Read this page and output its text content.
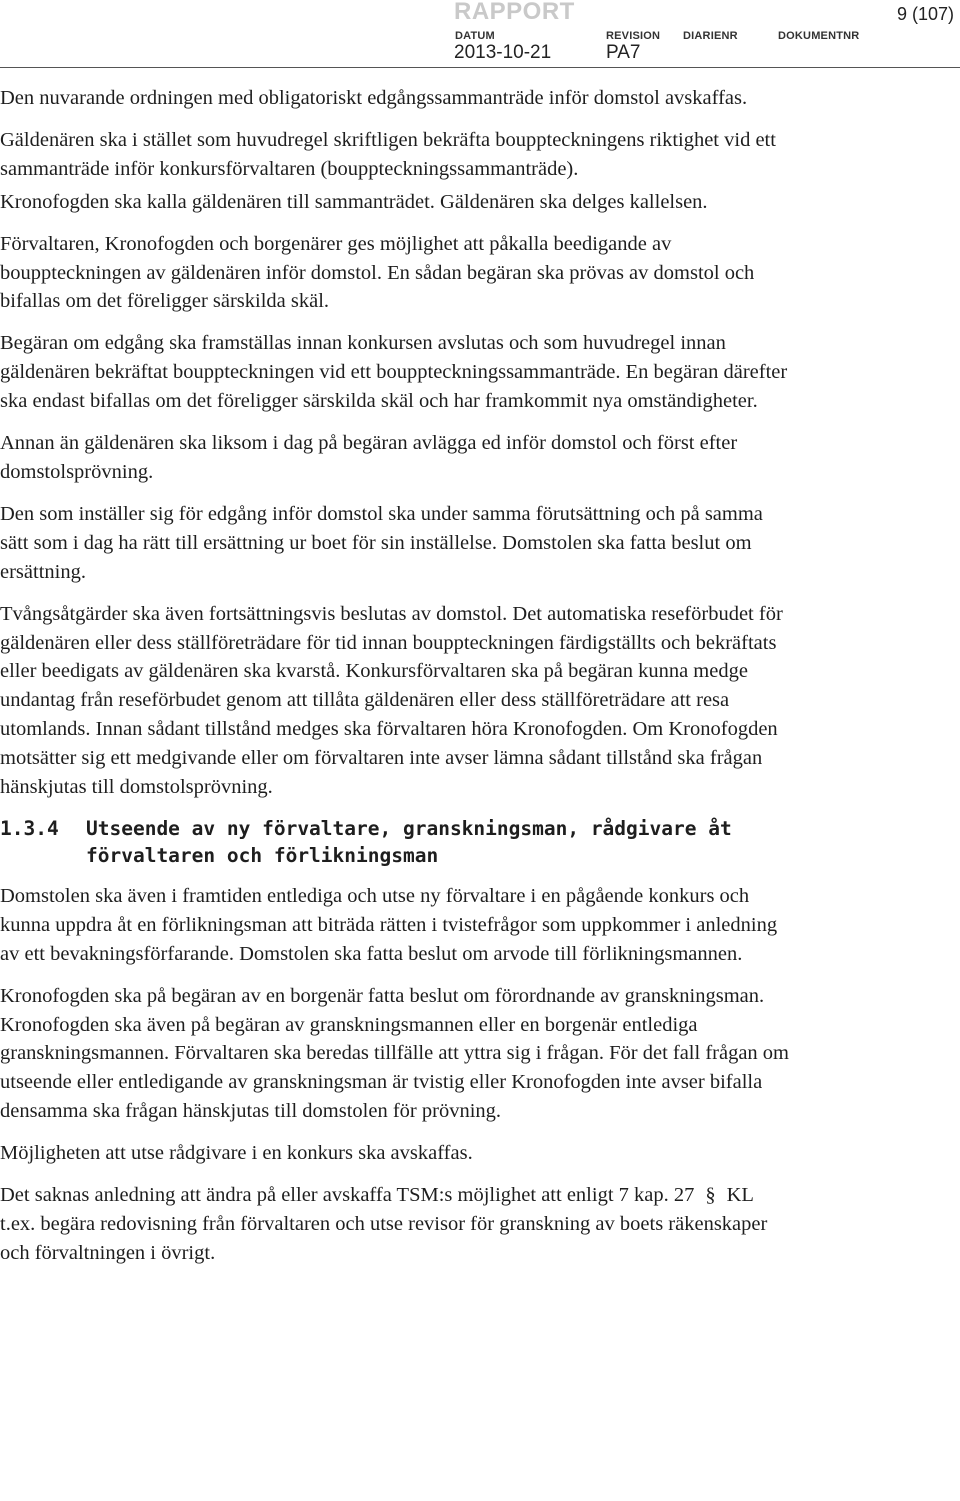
RAPPORT	9 (107)
DATUM
2013-10-21
REVISION
PA7
DIARIENR	DOKUMENTNR

Den nuvarande ordningen med obligatoriskt edgångssammanträde inför domstol avskaffas.

Gäldenären ska i stället som huvudregel skriftligen bekräfta bouppteckningens riktighet vid ett sammanträde inför konkursförvaltaren (bouppteckningssammanträde).

Kronofogden ska kalla gäldenären till sammanträdet. Gäldenären ska delges kallelsen.

Förvaltaren, Kronofogden och borgenärer ges möjlighet att påkalla beedigande av bouppteckningen av gäldenären inför domstol. En sådan begäran ska prövas av domstol och bifallas om det föreligger särskilda skäl.

Begäran om edgång ska framställas innan konkursen avslutas och som huvudregel innan gäldenären bekräftat bouppteckningen vid ett bouppteckningssammanträde. En begäran därefter ska endast bifallas om det föreligger särskilda skäl och har framkommit nya omständigheter.

Annan än gäldenären ska liksom i dag på begäran avlägga ed inför domstol och först efter domstolsprövning.

Den som inställer sig för edgång inför domstol ska under samma förutsättning och på samma sätt som i dag ha rätt till ersättning ur boet för sin inställelse. Domstolen ska fatta beslut om ersättning.

Tvångsåtgärder ska även fortsättningsvis beslutas av domstol. Det automatiska reseförbudet för gäldenären eller dess ställföreträdare för tid innan bouppteckningen färdigställts och bekräftats eller beedigats av gäldenären ska kvarstå. Konkursförvaltaren ska på begäran kunna medge undantag från reseförbudet genom att tillåta gäldenären eller dess ställföreträdare att resa utomlands. Innan sådant tillstånd medges ska förvaltaren höra Kronofogden. Om Kronofogden motsätter sig ett medgivande eller om förvaltaren inte avser lämna sådant tillstånd ska frågan hänskjutas till domstolsprövning.

1.3.4 Utseende av ny förvaltare, granskningsman, rådgivare åt förvaltaren och förlikningsman

Domstolen ska även i framtiden entlediga och utse ny förvaltare i en pågående konkurs och kunna uppdra åt en förlikningsman att biträda rätten i tvistefrågor som uppkommer i anledning av ett bevakningsförfarande. Domstolen ska fatta beslut om arvode till förlikningsmannen.

Kronofogden ska på begäran av en borgenär fatta beslut om förordnande av granskningsman. Kronofogden ska även på begäran av granskningsmannen eller en borgenär entlediga granskningsmannen. Förvaltaren ska beredas tillfälle att yttra sig i frågan. För det fall frågan om utseende eller entledigande av granskningsman är tvistig eller Kronofogden inte avser bifalla densamma ska frågan hänskjutas till domstolen för prövning.

Möjligheten att utse rådgivare i en konkurs ska avskaffas.

Det saknas anledning att ändra på eller avskaffa TSM:s möjlighet att enligt 7 kap. 27 § KL t.ex. begära redovisning från förvaltaren och utse revisor för granskning av boets räkenskaper och förvaltningen i övrigt.
